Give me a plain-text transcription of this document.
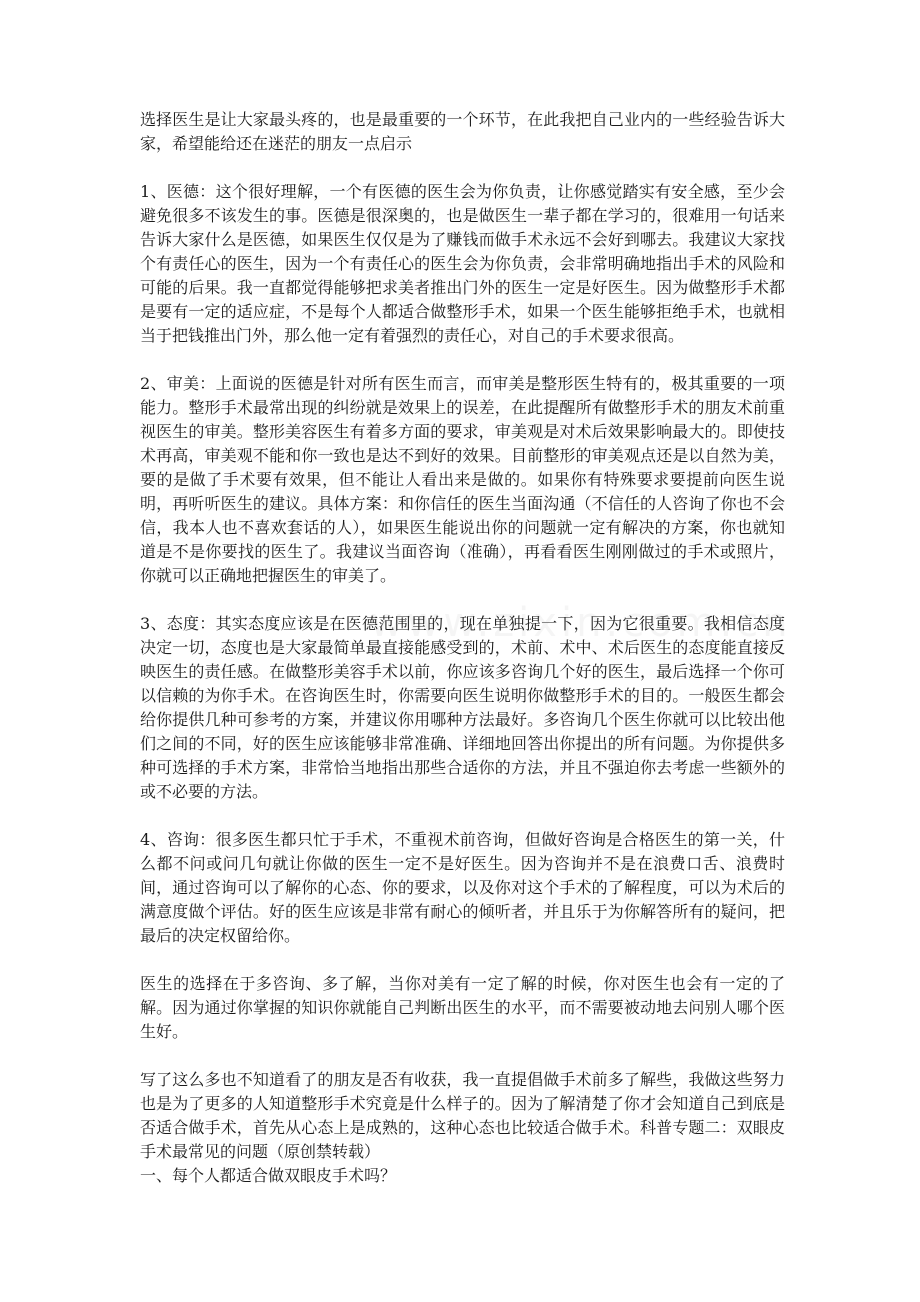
选择医生是让大家最头疼的，也是最重要的一个环节，在此我把自己业内的一些经验告诉大家，希望能给还在迷茫的朋友一点启示

1、医德：这个很好理解，一个有医德的医生会为你负责，让你感觉踏实有安全感，至少会避免很多不该发生的事。医德是很深奥的，也是做医生一辈子都在学习的，很难用一句话来告诉大家什么是医德，如果医生仅仅是为了赚钱而做手术永远不会好到哪去。我建议大家找个有责任心的医生，因为一个有责任心的医生会为你负责，会非常明确地指出手术的风险和可能的后果。我一直都觉得能够把求美者推出门外的医生一定是好医生。因为做整形手术都是要有一定的适应症，不是每个人都适合做整形手术，如果一个医生能够拒绝手术，也就相当于把钱推出门外，那么他一定有着强烈的责任心，对自己的手术要求很高。

2、审美：上面说的医德是针对所有医生而言，而审美是整形医生特有的，极其重要的一项能力。整形手术最常出现的纠纷就是效果上的误差，在此提醒所有做整形手术的朋友术前重视医生的审美。整形美容医生有着多方面的要求，审美观是对术后效果影响最大的。即使技术再高，审美观不能和你一致也是达不到好的效果。目前整形的审美观点还是以自然为美，要的是做了手术要有效果，但不能让人看出来是做的。如果你有特殊要求要提前向医生说明，再听听医生的建议。具体方案：和你信任的医生当面沟通（不信任的人咨询了你也不会信，我本人也不喜欢套话的人），如果医生能说出你的问题就一定有解决的方案，你也就知道是不是你要找的医生了。我建议当面咨询（准确），再看看医生刚刚做过的手术或照片，你就可以正确地把握医生的审美了。

3、态度：其实态度应该是在医德范围里的，现在单独提一下，因为它很重要。我相信态度决定一切，态度也是大家最简单最直接能感受到的，术前、术中、术后医生的态度能直接反映医生的责任感。在做整形美容手术以前，你应该多咨询几个好的医生，最后选择一个你可以信赖的为你手术。在咨询医生时，你需要向医生说明你做整形手术的目的。一般医生都会给你提供几种可参考的方案，并建议你用哪种方法最好。多咨询几个医生你就可以比较出他们之间的不同，好的医生应该能够非常准确、详细地回答出你提出的所有问题。为你提供多种可选择的手术方案，非常恰当地指出那些合适你的方法，并且不强迫你去考虑一些额外的或不必要的方法。

4、咨询：很多医生都只忙于手术，不重视术前咨询，但做好咨询是合格医生的第一关，什么都不问或问几句就让你做的医生一定不是好医生。因为咨询并不是在浪费口舌、浪费时间，通过咨询可以了解你的心态、你的要求，以及你对这个手术的了解程度，可以为术后的满意度做个评估。好的医生应该是非常有耐心的倾听者，并且乐于为你解答所有的疑问，把最后的决定权留给你。

医生的选择在于多咨询、多了解，当你对美有一定了解的时候，你对医生也会有一定的了解。因为通过你掌握的知识你就能自己判断出医生的水平，而不需要被动地去问别人哪个医生好。

写了这么多也不知道看了的朋友是否有收获，我一直提倡做手术前多了解些，我做这些努力也是为了更多的人知道整形手术究竟是什么样子的。因为了解清楚了你才会知道自己到底是否适合做手术，首先从心态上是成熟的，这种心态也比较适合做手术。科普专题二：双眼皮手术最常见的问题（原创禁转载）
一、每个人都适合做双眼皮手术吗？
